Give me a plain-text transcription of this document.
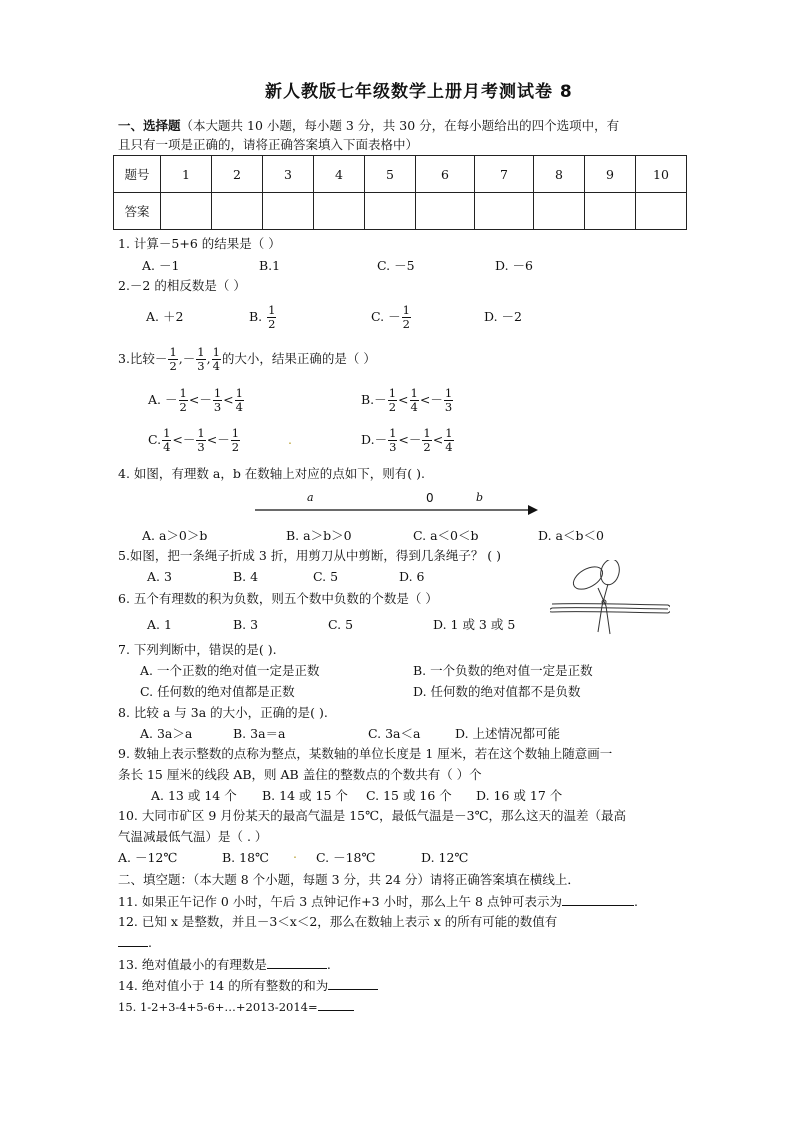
新人教版七年级数学上册月考测试卷 8
一、选择题（本大题共 10 小题，每小题 3 分，共 30 分，在每小题给出的四个选项中，有
且只有一项是正确的，请将正确答案填入下面表格中）
题号	1	2	3	4	5	6	7	8	9	10
答案										
1. 计算－5+6 的结果是（ ）
A. －1	B.1	C. －5	D. －6
2.－2 的相反数是（ ）
A. ＋2	B. $\frac{1}{2}$	C. － $\frac{1}{2}$	D. －2
3.比较－ $\frac{1}{2}$ ,－ $\frac{1}{3}$ , $\frac{1}{4}$ 的大小，结果正确的是（ ）
A. － $\frac{1}{2} <- \frac{1}{3} < \frac{1}{4}$	$B.- \frac{1}{2} < \frac{1}{4} <- \frac{1}{3}$
C. $\frac{1}{4} <- \frac{1}{3} <- \frac{1}{2}$	.	$D.- \frac{1}{3} <- \frac{1}{2} < \frac{1}{4}$
4. 如图，有理数 a，b 在数轴上对应的点如下，则有( ).
a	0	b
A. a＞0＞b	B. a＞b＞0	C. a＜0＜b	D. a＜b＜0
5.如图，把一条绳子折成 3 折，用剪刀从中剪断，得到几条绳子？ ( )
A. 3	B. 4	C. 5	D. 6
6. 五个有理数的积为负数，则五个数中负数的个数是（ ）
A. 1	B. 3	C. 5	D. 1 或 3 或 5
7. 下列判断中，错误的是( ).
A. 一个正数的绝对值一定是正数	B. 一个负数的绝对值一定是正数
C. 任何数的绝对值都是正数	D. 任何数的绝对值都不是负数
8. 比较 a 与 3a 的大小，正确的是( ).
A. 3a＞a	B. 3a＝a	C. 3a＜a	D. 上述情况都可能
9. 数轴上表示整数的点称为整点，某数轴的单位长度是 1 厘米，若在这个数轴上随意画一
条长 15 厘米的线段 AB，则 AB 盖住的整数点的个数共有（ ）个
A. 13 或 14 个 B. 14 或 15 个 C. 15 或 16 个 D. 16 或 17 个
10. 大同市矿区 9 月份某天的最高气温是 15℃，最低气温是－3℃，那么这天的温差（最高
气温减最低气温）是（ . ）
A. －12℃	B. 18℃ . C. －18℃	D. 12℃
二、填空题：（本大题 8 个小题，每题 3 分，共 24 分）请将正确答案填在横线上．
11. 如果正午记作 0 小时，午后 3 点钟记作+3 小时，那么上午 8 点钟可表示为	.
12. 已知 x 是整数，并且－3＜x＜2，那么在数轴上表示 x 的所有可能的数值有
.
13. 绝对值最小的有理数是	.
14. 绝对值小于 14 的所有整数的和为
15. 1-2+3-4+5-6+…+2013-2014=
